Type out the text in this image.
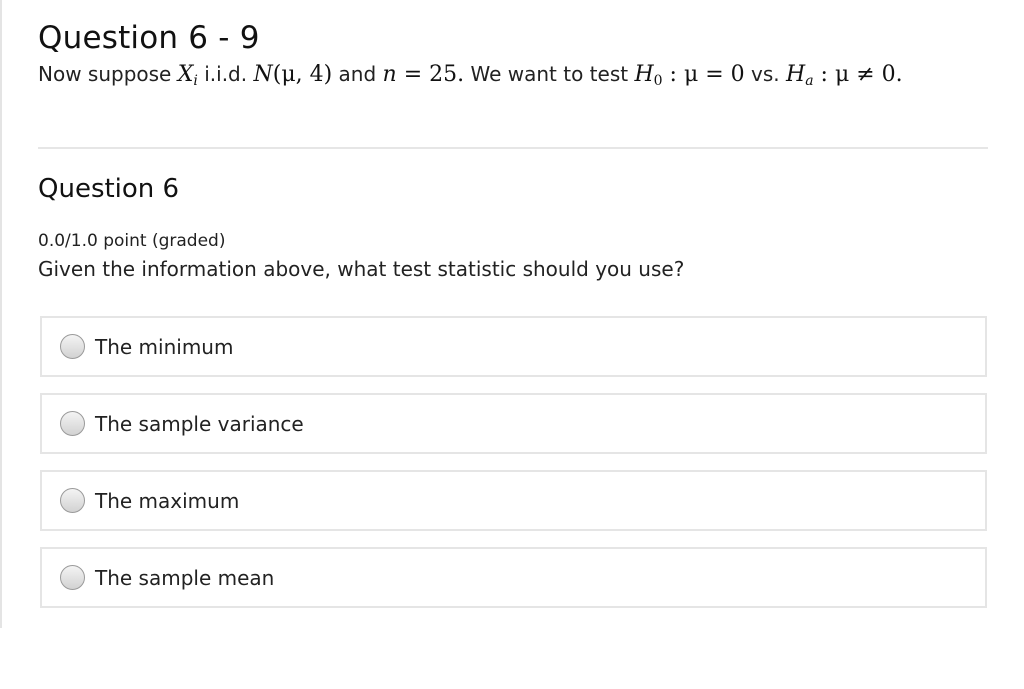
Question 6 - 9
Now suppose $X_i$ i.i.d. N(μ, 4) and n = 25. We want to test $H_0$ : μ = 0 vs. $H_a$ : μ ≠ 0.
Question 6
0.0/1.0 point (graded)
Given the information above, what test statistic should you use?
The minimum
The sample variance
The maximum
The sample mean
